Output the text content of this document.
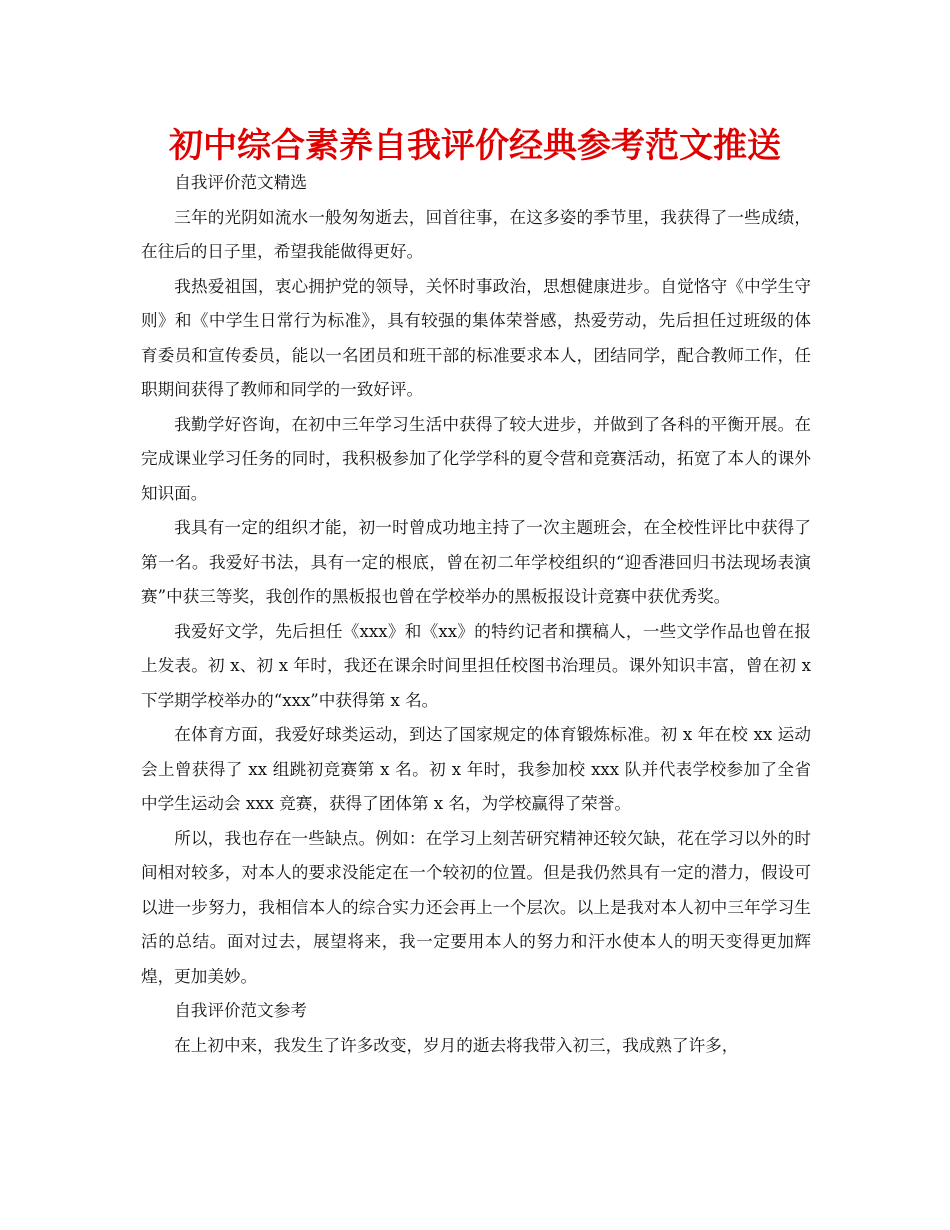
初中综合素养自我评价经典参考范文推送

自我评价范文精选

三年的光阴如流水一般匆匆逝去，回首往事，在这多姿的季节里，我获得了一些成绩，在往后的日子里，希望我能做得更好。

我热爱祖国，衷心拥护党的领导，关怀时事政治，思想健康进步。自觉恪守《中学生守则》和《中学生日常行为标准》，具有较强的集体荣誉感，热爱劳动，先后担任过班级的体育委员和宣传委员，能以一名团员和班干部的标准要求本人，团结同学，配合教师工作，任职期间获得了教师和同学的一致好评。

我勤学好咨询，在初中三年学习生活中获得了较大进步，并做到了各科的平衡开展。在完成课业学习任务的同时，我积极参加了化学学科的夏令营和竞赛活动，拓宽了本人的课外知识面。

我具有一定的组织才能，初一时曾成功地主持了一次主题班会，在全校性评比中获得了第一名。我爱好书法，具有一定的根底，曾在初二年学校组织的“迎香港回归书法现场表演赛”中获三等奖，我创作的黑板报也曾在学校举办的黑板报设计竞赛中获优秀奖。

我爱好文学，先后担任《xxx》和《xx》的特约记者和撰稿人，一些文学作品也曾在报上发表。初 x、初 x 年时，我还在课余时间里担任校图书治理员。课外知识丰富，曾在初 x 下学期学校举办的“xxx”中获得第 x 名。

在体育方面，我爱好球类运动，到达了国家规定的体育锻炼标准。初 x 年在校 xx 运动会上曾获得了 xx 组跳初竞赛第 x 名。初 x 年时，我参加校 xxx 队并代表学校参加了全省中学生运动会 xxx 竞赛，获得了团体第 x 名，为学校赢得了荣誉。

所以，我也存在一些缺点。例如：在学习上刻苦研究精神还较欠缺，花在学习以外的时间相对较多，对本人的要求没能定在一个较初的位置。但是我仍然具有一定的潜力，假设可以进一步努力，我相信本人的综合实力还会再上一个层次。以上是我对本人初中三年学习生活的总结。面对过去，展望将来，我一定要用本人的努力和汗水使本人的明天变得更加辉煌，更加美妙。

自我评价范文参考

在上初中来，我发生了许多改变，岁月的逝去将我带入初三，我成熟了许多，
